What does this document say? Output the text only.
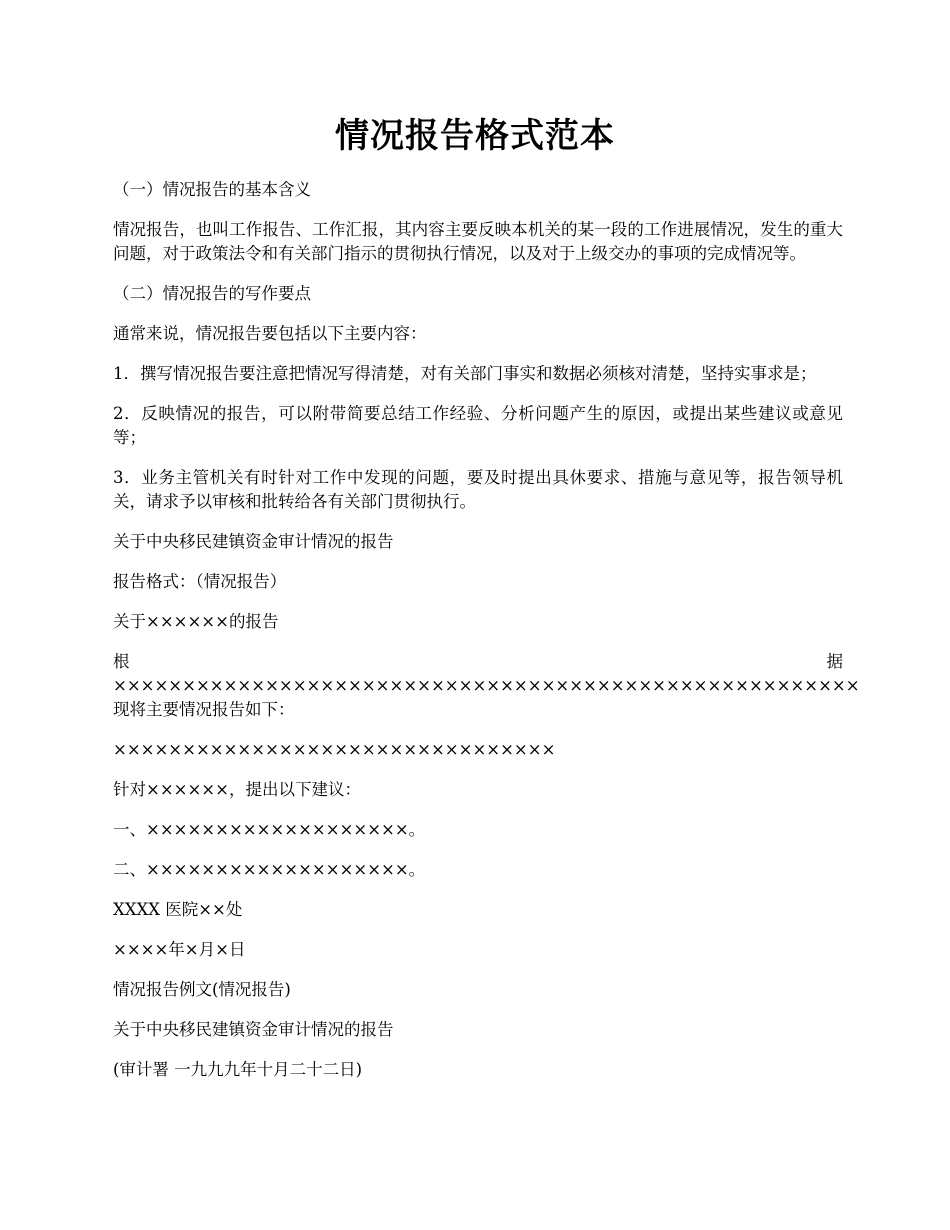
情况报告格式范本

（一）情况报告的基本含义

情况报告，也叫工作报告、工作汇报，其内容主要反映本机关的某一段的工作进展情况，发生的重大问题，对于政策法令和有关部门指示的贯彻执行情况，以及对于上级交办的事项的完成情况等。

（二）情况报告的写作要点

通常来说，情况报告要包括以下主要内容：

1．撰写情况报告要注意把情况写得清楚，对有关部门事实和数据必须核对清楚，坚持实事求是；

2．反映情况的报告，可以附带简要总结工作经验、分析问题产生的原因，或提出某些建议或意见等；

3．业务主管机关有时针对工作中发现的问题，要及时提出具休要求、措施与意见等，报告领导机关，请求予以审核和批转给各有关部门贯彻执行。

关于中央移民建镇资金审计情况的报告

报告格式：（情况报告）

关于××××××的报告

根据××××××××××××××××××××××××××××××××××××××××××××××××××××××现将主要情况报告如下：

××××××××××××××××××××××××××××××××

针对××××××，提出以下建议：

一、×××××××××××××××××××。

二、×××××××××××××××××××。

XXXX 医院××处

××××年×月×日

情况报告例文(情况报告)

关于中央移民建镇资金审计情况的报告

(审计署 一九九九年十月二十二日)
